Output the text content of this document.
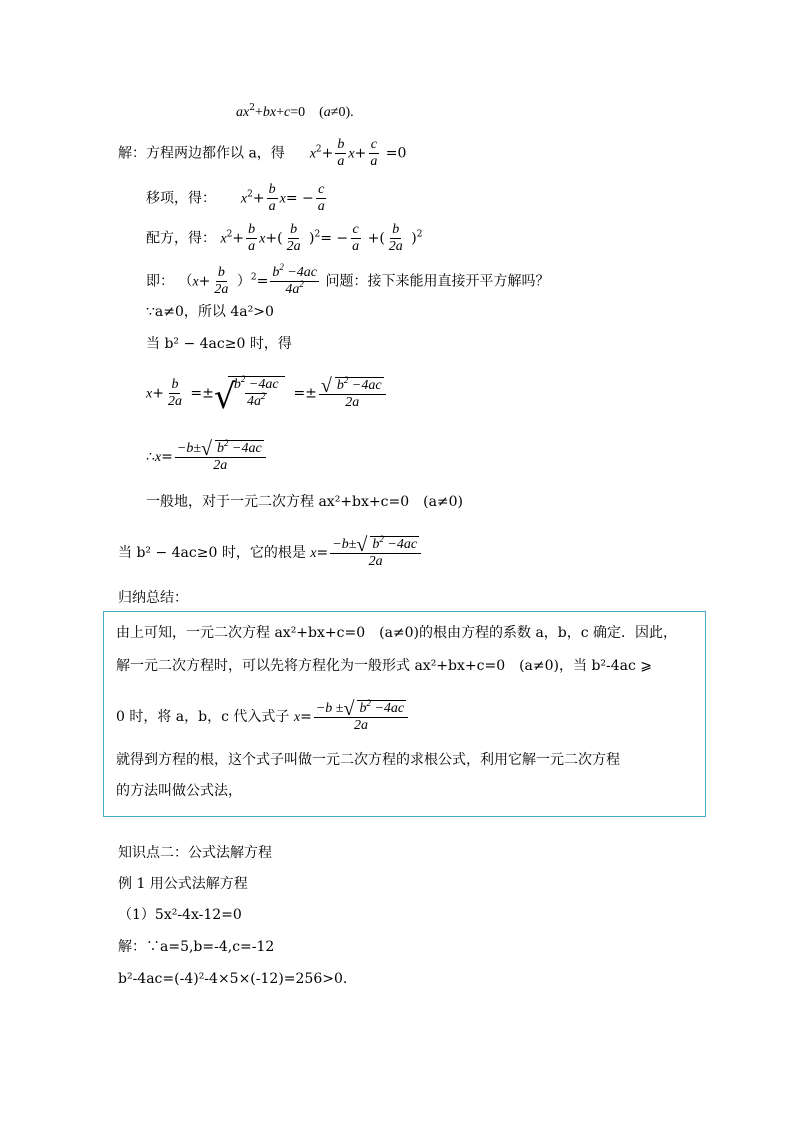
$ax^2+bx+c=0$　(a≠0).
解：方程两边都作以 a，得 $x^2+ \frac{b}{a} x+ \frac{c}{a} =0$
移项，得： $x^2+ \frac{b}{a} x= - \frac{c}{a}$
配方，得： $x^2+ \frac{b}{a} x+( \frac{b}{2a} )^2= - \frac{c}{a}$ +( $\frac{b}{2a} )^2$
即： $(x+ \frac{b}{2a} )^2= \frac{b^2 -4ac}{4a^2}$ 问题：接下来能用直接开平方解吗？
∵a≠0，所以 4a²>0
当 b² − 4ac≥0 时，得
$x+ \frac{b}{2a}$ =± √
$\frac{b^2 -4ac}{4a^2} =\pm \frac{√ b^2 -4ac}{2a}$
∴x= $\frac{-b\pm √ b^2 -4ac}{2a}$
一般地，对于一元二次方程 ax²+bx+c=0　(a≠0)
当 b² − 4ac≥0 时，它的根是 $x= \frac{-b\pm √ b^2 -4ac}{2a}$
归纳总结：
由上可知，一元二次方程 ax²+bx+c=0　(a≠0)的根由方程的系数 a，b，c 确定．因此，
解一元二次方程时，可以先将方程化为一般形式 ax²+bx+c=0　(a≠0)，当 b²-4ac ⩾
0 时，将 a，b，c 代入式子 $x= \frac{-b \pm √ b^2 -4ac}{2a}$
就得到方程的根，这个式子叫做一元二次方程的求根公式，利用它解一元二次方程
的方法叫做公式法，
知识点二：公式法解方程
例 1 用公式法解方程
（1）5x²-4x-12=0
解：∵a=5,b=-4,c=-12
b²-4ac=(-4)²-4×5×(-12)=256>0.
